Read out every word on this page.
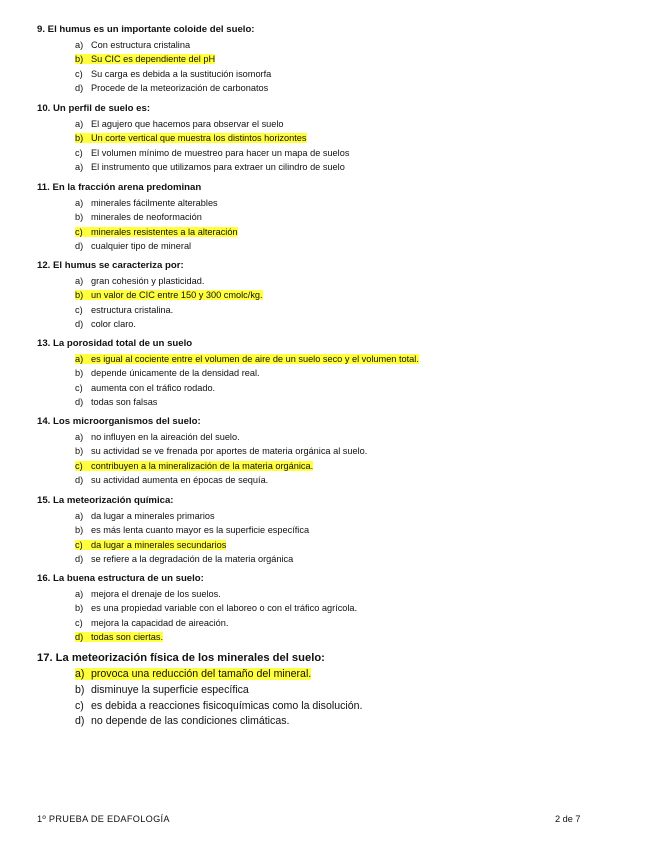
9. El humus es un importante coloide del suelo:

a) Con estructura cristalina
b) Su CIC es dependiente del pH
c) Su carga es debida a la sustitución isomorfa
d) Procede de la meteorización de carbonatos

10. Un perfil de suelo es:

a) El agujero que hacemos para observar el suelo
b) Un corte vertical que muestra los distintos horizontes
c) El volumen mínimo de muestreo para hacer un mapa de suelos
a) El instrumento que utilizamos para extraer un cilindro de suelo

11. En la fracción arena predominan

a) minerales fácilmente alterables
b) minerales de neoformación
c) minerales resistentes a la alteración
d) cualquier tipo de mineral

12. El humus se caracteriza por:

a) gran cohesión y plasticidad.
b) un valor de CIC entre 150 y 300 cmolc/kg.
c) estructura cristalina.
d) color claro.

13. La porosidad total de un suelo

a) es igual al cociente entre el volumen de aire de un suelo seco y el volumen total.
b) depende únicamente de la densidad real.
c) aumenta con el tráfico rodado.
d) todas son falsas

14. Los microorganismos del suelo:

a) no influyen en la aireación del suelo.
b) su actividad se ve frenada por aportes de materia orgánica al suelo.
c) contribuyen a la mineralización de la materia orgánica.
d) su actividad aumenta en épocas de sequía.

15. La meteorización química:

a) da lugar a minerales primarios
b) es más lenta cuanto mayor es la superficie específica
c) da lugar a minerales secundarios
d) se refiere a la degradación de la materia orgánica

16. La buena estructura de un suelo:

a) mejora el drenaje de los suelos.
b) es una propiedad variable con el laboreo o con el tráfico agrícola.
c) mejora la capacidad de aireación.
d) todas son ciertas.

17. La meteorización física de los minerales del suelo:

a) provoca una reducción del tamaño del mineral.
b) disminuye la superficie específica
c) es debida a reacciones fisicoquímicas como la disolución.
d) no depende de las condiciones climáticas.
1º PRUEBA DE EDAFOLOGÍA	2 de 7
